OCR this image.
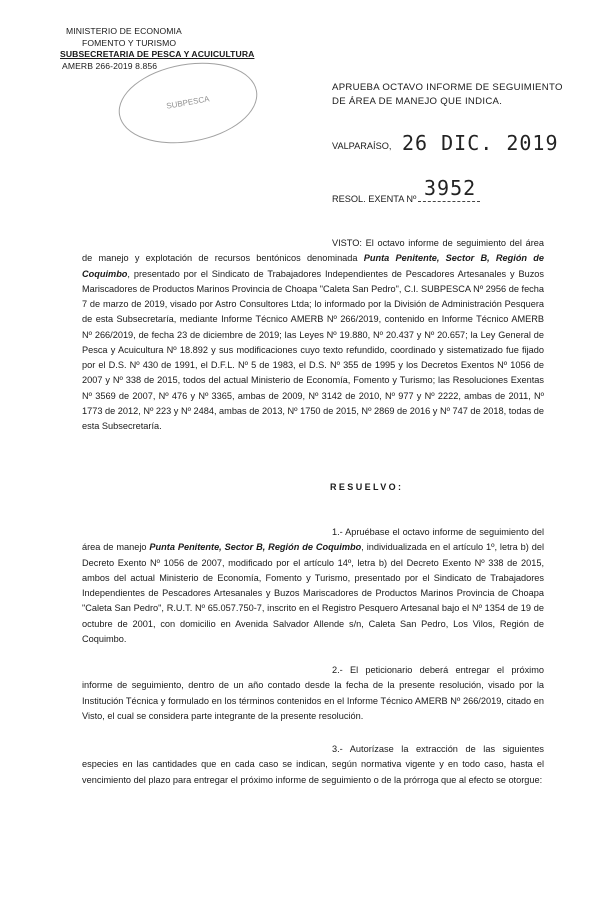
MINISTERIO DE ECONOMIA
FOMENTO Y TURISMO
SUBSECRETARIA DE PESCA Y ACUICULTURA
AMERB 266-2019 8.856
SUBPESCA
APRUEBA OCTAVO INFORME DE SEGUIMIENTO
DE ÁREA DE MANEJO QUE INDICA.
VALPARAÍSO, 26 DIC. 2019
RESOL. EXENTA Nº 3952

VISTO: El octavo informe de seguimiento del área de manejo y explotación de recursos bentónicos denominada Punta Penitente, Sector B, Región de Coquimbo, presentado por el Sindicato de Trabajadores Independientes de Pescadores Artesanales y Buzos Mariscadores de Productos Marinos Provincia de Choapa "Caleta San Pedro", C.I. SUBPESCA Nº 2956 de fecha 7 de marzo de 2019, visado por Astro Consultores Ltda; lo informado por la División de Administración Pesquera de esta Subsecretaría, mediante Informe Técnico AMERB Nº 266/2019, contenido en Informe Técnico AMERB Nº 266/2019, de fecha 23 de diciembre de 2019; las Leyes Nº 19.880, Nº 20.437 y Nº 20.657; la Ley General de Pesca y Acuicultura Nº 18.892 y sus modificaciones cuyo texto refundido, coordinado y sistematizado fue fijado por el D.S. Nº 430 de 1991, el D.F.L. Nº 5 de 1983, el D.S. Nº 355 de 1995 y los Decretos Exentos Nº 1056 de 2007 y Nº 338 de 2015, todos del actual Ministerio de Economía, Fomento y Turismo; las Resoluciones Exentas Nº 3569 de 2007, Nº 476 y Nº 3365, ambas de 2009, Nº 3142 de 2010, Nº 977 y Nº 2222, ambas de 2011, Nº 1773 de 2012, Nº 223 y Nº 2484, ambas de 2013, Nº 1750 de 2015, Nº 2869 de 2016 y Nº 747 de 2018, todas de esta Subsecretaría.

RESUELVO:

1.- Apruébase el octavo informe de seguimiento del área de manejo Punta Penitente, Sector B, Región de Coquimbo, individualizada en el artículo 1º, letra b) del Decreto Exento Nº 1056 de 2007, modificado por el artículo 14º, letra b) del Decreto Exento Nº 338 de 2015, ambos del actual Ministerio de Economía, Fomento y Turismo, presentado por el Sindicato de Trabajadores Independientes de Pescadores Artesanales y Buzos Mariscadores de Productos Marinos Provincia de Choapa "Caleta San Pedro", R.U.T. Nº 65.057.750-7, inscrito en el Registro Pesquero Artesanal bajo el Nº 1354 de 19 de octubre de 2001, con domicilio en Avenida Salvador Allende s/n, Caleta San Pedro, Los Vilos, Región de Coquimbo.

2.- El peticionario deberá entregar el próximo informe de seguimiento, dentro de un año contado desde la fecha de la presente resolución, visado por la Institución Técnica y formulado en los términos contenidos en el Informe Técnico AMERB Nº 266/2019, citado en Visto, el cual se considera parte integrante de la presente resolución.

3.- Autorízase la extracción de las siguientes especies en las cantidades que en cada caso se indican, según normativa vigente y en todo caso, hasta el vencimiento del plazo para entregar el próximo informe de seguimiento o de la prórroga que al efecto se otorgue:
